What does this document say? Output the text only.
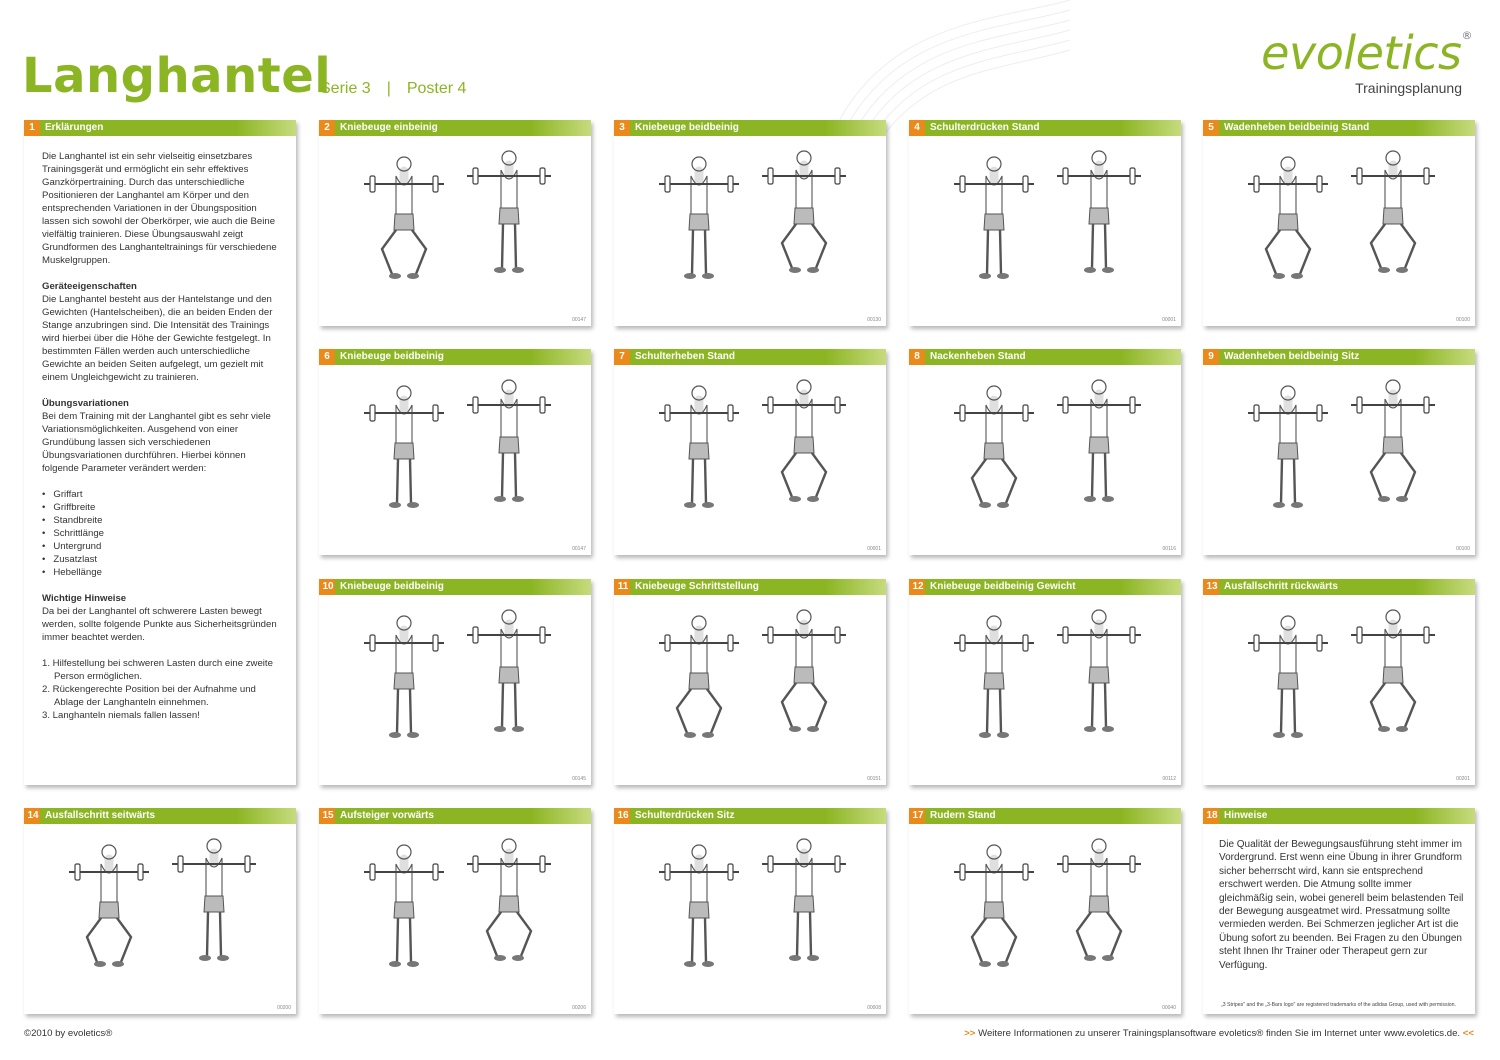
Langhantel
Serie 3 | Poster 4
evoletics®
Trainingsplanung
1	Erklärungen

Die Langhantel ist ein sehr vielseitig einsetzbares Trainingsgerät und ermöglicht ein sehr effektives Ganzkörpertraining. Durch das unterschiedliche Positionieren der Langhantel am Körper und den entsprechenden Variationen in der Übungsposition lassen sich sowohl der Oberkörper, wie auch die Beine vielfältig trainieren. Diese Übungsauswahl zeigt Grundformen des Langhanteltrainings für verschiedene Muskelgruppen.

Geräteeigenschaften

Die Langhantel besteht aus der Hantelstange und den Gewichten (Hantelscheiben), die an beiden Enden der Stange anzubringen sind. Die Intensität des Trainings wird hierbei über die Höhe der Gewichte festgelegt. In bestimmten Fällen werden auch unterschiedliche Gewichte an beiden Seiten aufgelegt, um gezielt mit einem Ungleichgewicht zu trainieren.

Übungsvariationen

Bei dem Training mit der Langhantel gibt es sehr viele Variationsmöglichkeiten. Ausgehend von einer Grundübung lassen sich verschiedenen Übungsvariationen durchführen. Hierbei können folgende Parameter verändert werden:

• Griffart
• Griffbreite
• Standbreite
• Schrittlänge
• Untergrund
• Zusatzlast
• Hebellänge
Wichtige Hinweise

Da bei der Langhantel oft schwerere Lasten bewegt werden, sollte folgende Punkte aus Sicherheitsgründen immer beachtet werden.

1. Hilfestellung bei schweren Lasten durch eine zweite Person ermöglichen.
2. Rückengerechte Position bei der Aufnahme und Ablage der Langhanteln einnehmen.
3. Langhanteln niemals fallen lassen!
2	Kniebeuge einbeinig
00147
3	Kniebeuge beidbeinig
00130
4	Schulterdrücken Stand
00001
5	Wadenheben beidbeinig Stand
00100
6	Kniebeuge beidbeinig
00147
7	Schulterheben Stand
00001
8	Nackenheben Stand
00116
9	Wadenheben beidbeinig Sitz
00100
10 Kniebeuge beidbeinig
00145
11 Kniebeuge Schrittstellung
00151
12 Kniebeuge beidbeinig Gewicht
00112
13 Ausfallschritt rückwärts
00201
14 Ausfallschritt seitwärts
00200
15 Aufsteiger vorwärts
00206
16 Schulterdrücken Sitz
00008
17 Rudern Stand
00040
18 Hinweise
Die Qualität der Bewegungsausführung steht immer im Vordergrund. Erst wenn eine Übung in ihrer Grundform sicher beherrscht wird, kann sie entsprechend erschwert werden. Die Atmung sollte immer gleichmäßig sein, wobei generell beim belastenden Teil der Bewegung ausgeatmet wird. Pressatmung sollte vermieden werden. Bei Schmerzen jeglicher Art ist die Übung sofort zu beenden. Bei Fragen zu den Übungen steht Ihnen Ihr Trainer oder Therapeut gern zur Verfügung.
„3 Stripes" and the „3-Bars logo" are registered trademarks of the adidas Group, used with permission.
©2010 by evoletics®	>> Weitere Informationen zu unserer Trainingsplansoftware evoletics® finden Sie im Internet unter www.evoletics.de. <<
